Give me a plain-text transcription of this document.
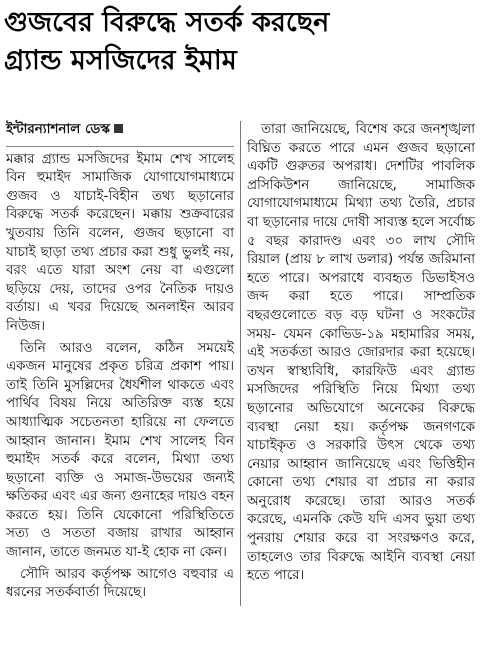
গুজবের বিরুদ্ধে সতর্ক করছেন
গ্র্যান্ড মসজিদের ইমাম
ইন্টারন্যাশনাল ডেস্ক

মক্কার গ্র্যান্ড মসজিদের ইমাম শেখ সালেহ বিন হুমাইদ সামাজিক যোগাযোগমাধ্যমে গুজব ও যাচাই-বিহীন তথ্য ছড়ানোর বিরুদ্ধে সতর্ক করেছেন। মক্কায় শুক্রবারের খুতবায় তিনি বলেন, গুজব ছড়ানো বা যাচাই ছাড়া তথ্য প্রচার করা শুধু ভুলই নয়, বরং এতে যারা অংশ নেয় বা এগুলো ছড়িয়ে দেয়, তাদের ওপর নৈতিক দায়ও বর্তায়। এ খবর দিয়েছে অনলাইন আরব নিউজ।

তিনি আরও বলেন, কঠিন সময়েই একজন মানুষের প্রকৃত চরিত্র প্রকাশ পায়। তাই তিনি মুসল্লিদের ধৈর্যশীল থাকতে এবং পার্থিব বিষয় নিয়ে অতিরিক্ত ব্যস্ত হয়ে আধ্যাত্মিক সচেতনতা হারিয়ে না ফেলতে আহ্বান জানান। ইমাম শেখ সালেহ বিন হুমাইদ সতর্ক করে বলেন, মিথ্যা তথ্য ছড়ানো ব্যক্তি ও সমাজ-উভয়ের জন্যই ক্ষতিকর এবং এর জন্য গুনাহের দায়ও বহন করতে হয়। তিনি যেকোনো পরিস্থিতিতে সত্য ও সততা বজায় রাখার আহ্বান জানান, তাতে জনমত যা-ই হোক না কেন।

সৌদি আরব কর্তৃপক্ষ আগেও বহুবার এ ধরনের সতর্কবার্তা দিয়েছে।

তারা জানিয়েছে, বিশেষ করে জনশৃঙ্খলা বিঘ্নিত করতে পারে এমন গুজব ছড়ানো একটি গুরুতর অপরাধ। দেশটির পাবলিক প্রসিকিউশন জানিয়েছে, সামাজিক যোগাযোগমাধ্যমে মিথ্যা তথ্য তৈরি, প্রচার বা ছড়ানোর দায়ে দোষী সাব্যস্ত হলে সর্বোচ্চ ৫ বছর কারাদণ্ড এবং ৩০ লাখ সৌদি রিয়াল (প্রায় ৮ লাখ ডলার) পর্যন্ত জরিমানা হতে পারে। অপরাধে ব্যবহৃত ডিভাইসও জব্দ করা হতে পারে। সাম্প্রতিক বছরগুলোতে বড় বড় ঘটনা ও সংকটের সময়- যেমন কোভিড-১৯ মহামারির সময়, এই সতর্কতা আরও জোরদার করা হয়েছে। তখন স্বাস্থ্যবিধি, কারফিউ এবং গ্র্যান্ড মসজিদের পরিস্থিতি নিয়ে মিথ্যা তথ্য ছড়ানোর অভিযোগে অনেকের বিরুদ্ধে ব্যবস্থা নেয়া হয়। কর্তৃপক্ষ জনগণকে যাচাইকৃত ও সরকারি উৎস থেকে তথ্য নেয়ার আহ্বান জানিয়েছে এবং ভিত্তিহীন কোনো তথ্য শেয়ার বা প্রচার না করার অনুরোধ করেছে। তারা আরও সতর্ক করেছে, এমনকি কেউ যদি এসব ভুয়া তথ্য পুনরায় শেয়ার করে বা সংরক্ষণও করে, তাহলেও তার বিরুদ্ধে আইনি ব্যবস্থা নেয়া হতে পারে।
